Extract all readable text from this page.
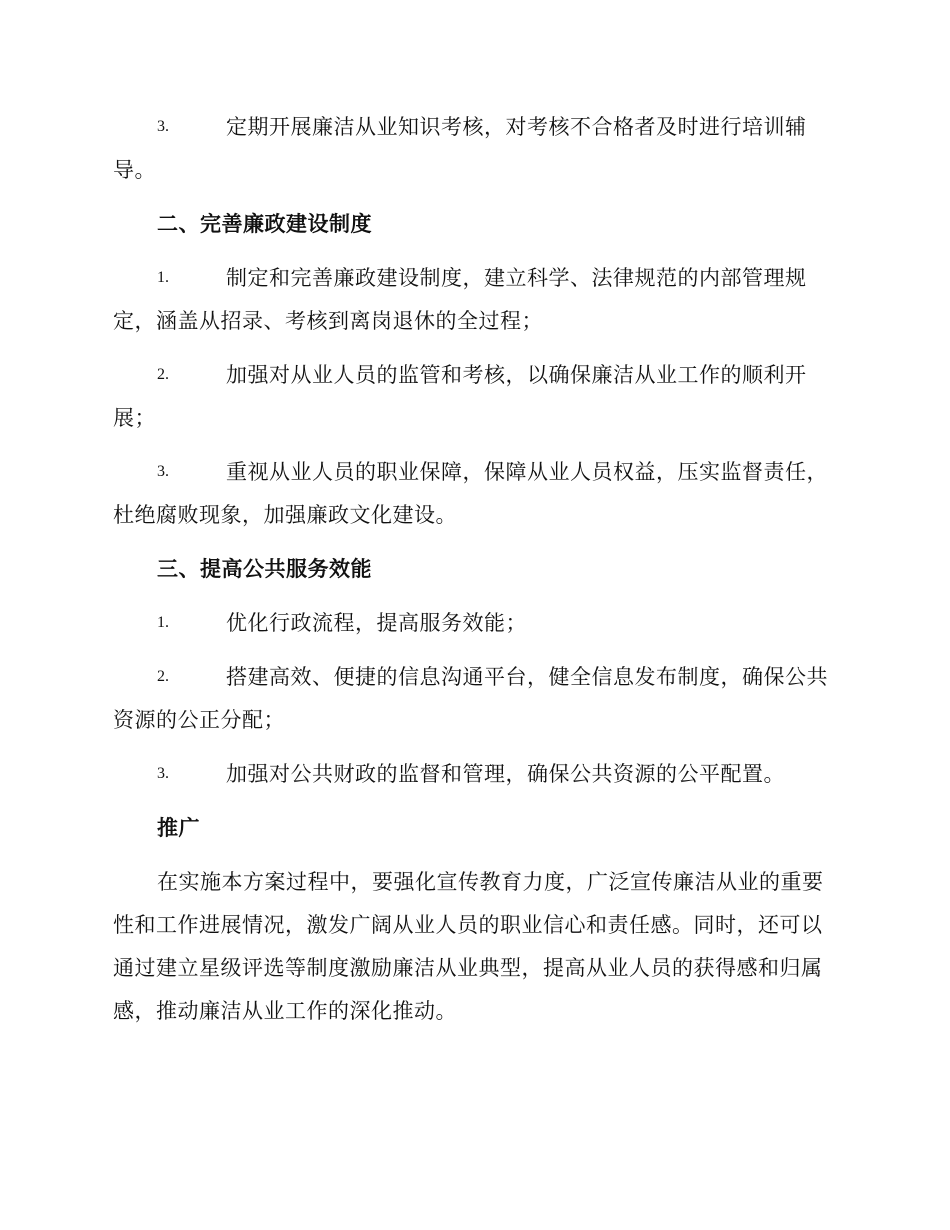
3.	定期开展廉洁从业知识考核，对考核不合格者及时进行培训辅
导。
二、完善廉政建设制度
1.	制定和完善廉政建设制度，建立科学、法律规范的内部管理规
定，涵盖从招录、考核到离岗退休的全过程；
2.	加强对从业人员的监管和考核，以确保廉洁从业工作的顺利开
展；
3.	重视从业人员的职业保障，保障从业人员权益，压实监督责任，
杜绝腐败现象，加强廉政文化建设。
三、提高公共服务效能
1.	优化行政流程，提高服务效能；
2.	搭建高效、便捷的信息沟通平台，健全信息发布制度，确保公共
资源的公正分配；
3.	加强对公共财政的监督和管理，确保公共资源的公平配置。
推广
在实施本方案过程中，要强化宣传教育力度，广泛宣传廉洁从业的重要
性和工作进展情况，激发广阔从业人员的职业信心和责任感。同时，还可以
通过建立星级评选等制度激励廉洁从业典型，提高从业人员的获得感和归属
感，推动廉洁从业工作的深化推动。
